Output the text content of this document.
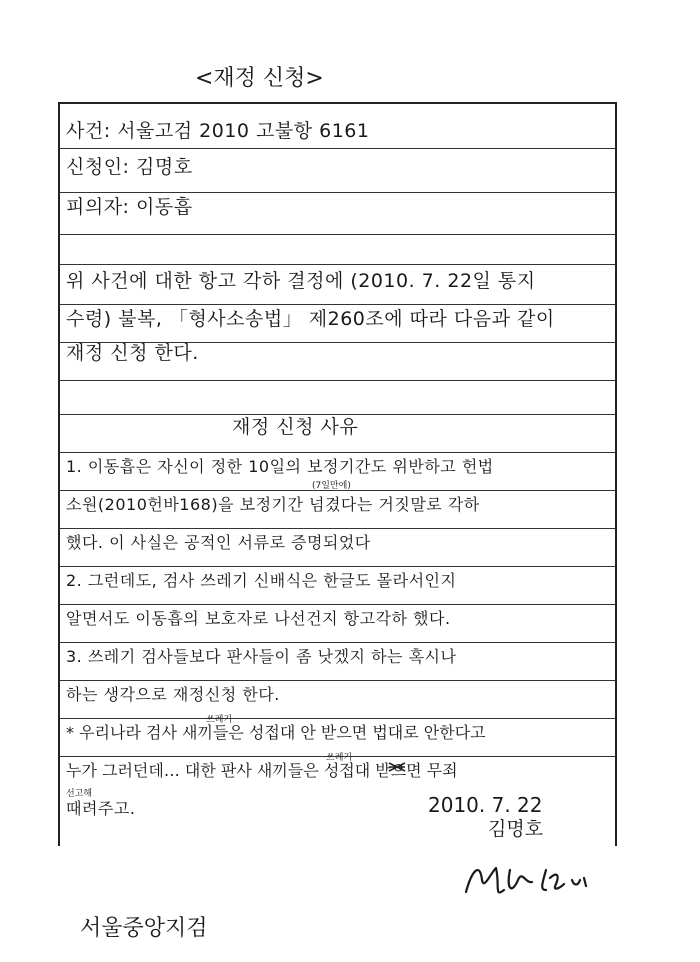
<재정 신청>
사건: 서울고검 2010 고불항 6161
신청인: 김명호
피의자: 이동흡
위 사건에 대한 항고 각하 결정에 (2010. 7. 22일 통지
수령) 불복, 「형사소송법」 제260조에 따라 다음과 같이
재정 신청 한다.
재정 신청 사유
1. 이동흡은 자신이 정한 10일의 보정기간도 위반하고 헌법
(7일만에)
소원(2010헌바168)을 보정기간 넘겼다는 거짓말로 각하
했다. 이 사실은 공적인 서류로 증명되었다
2. 그런데도, 검사 쓰레기 신배식은 한글도 몰라서인지
알면서도 이동흡의 보호자로 나선건지 항고각하 했다.
3. 쓰레기 검사들보다 판사들이 좀 낫겠지 하는 혹시나
하는 생각으로 재정신청 한다.
쓰레기
* 우리나라 검사 새끼들은 성접대 안 받으면 법대로 안한다고
쓰레기
누가 그러던데… 대한 판사 새끼들은 성접대 받으면 무죄
선고해
때려주고.	2010. 7. 22
김명호
서울중앙지검
